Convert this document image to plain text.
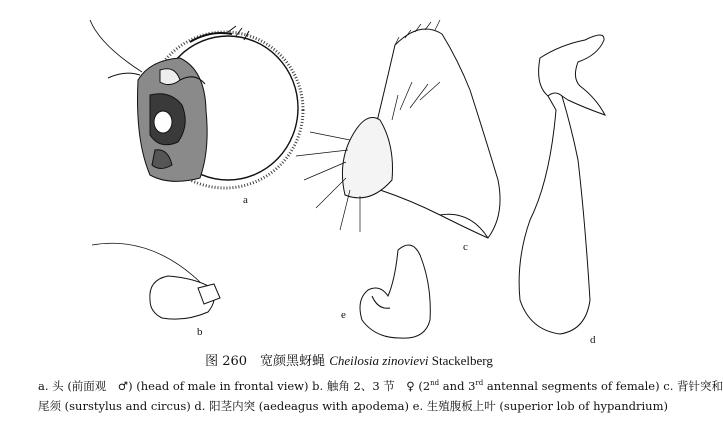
a
b
c
e
d
图 260　宽颜黑蚜蝇 Cheilosia zinovievi Stackelberg
a. 头 (前面观　♂) (head of male in frontal view) b. 触角 2、3 节　♀ (2nd and 3rd antennal segments of female) c. 背针突和
尾须 (surstylus and circus) d. 阳茎内突 (aedeagus with apodema) e. 生殖腹板上叶 (superior lob of hypandrium)
